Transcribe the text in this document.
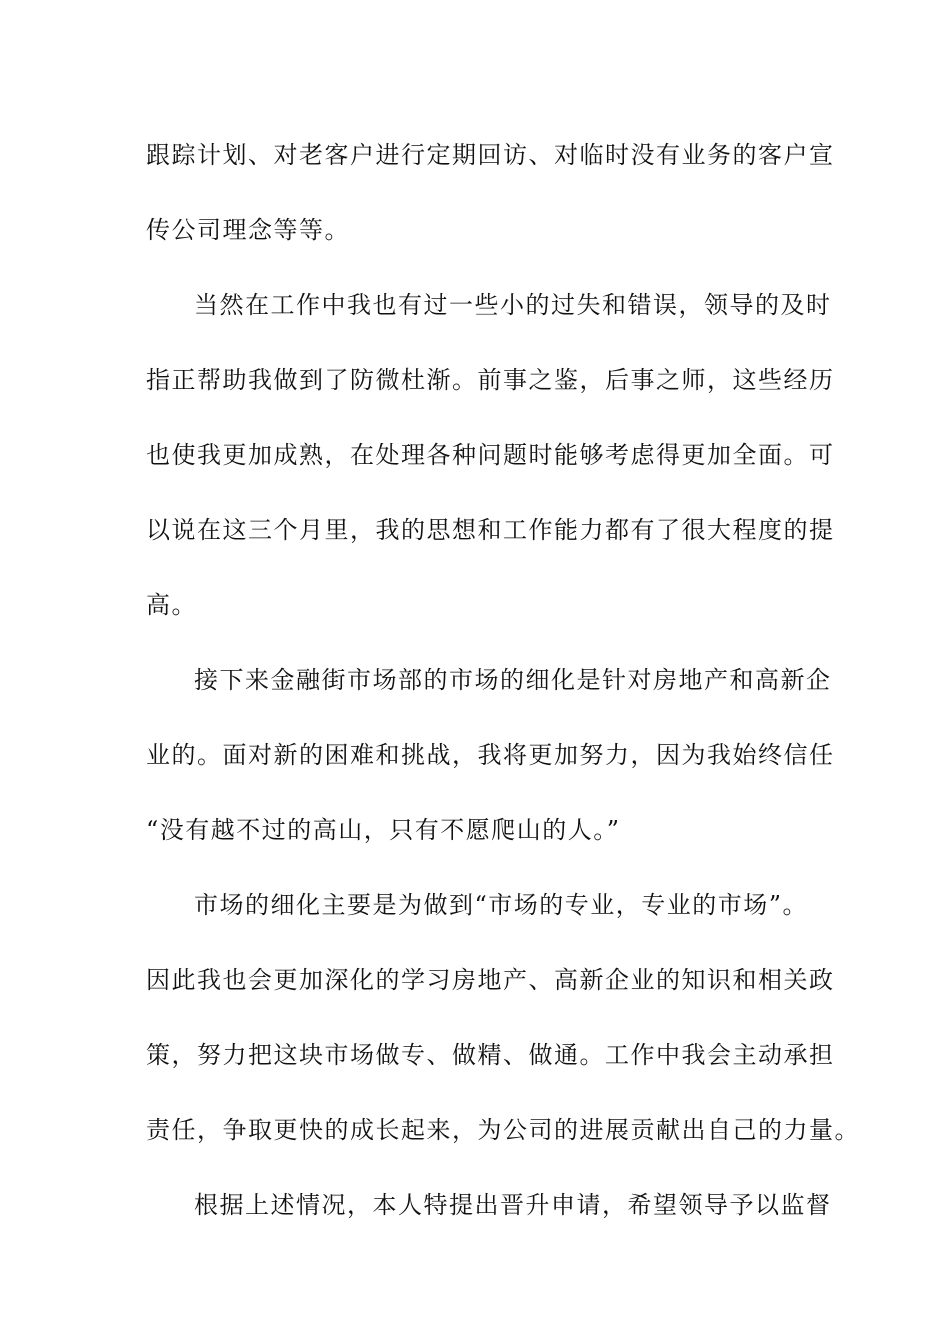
跟踪计划、对老客户进行定期回访、对临时没有业务的客户宣
传公司理念等等。
当然在工作中我也有过一些小的过失和错误，领导的及时
指正帮助我做到了防微杜渐。前事之鉴，后事之师，这些经历
也使我更加成熟，在处理各种问题时能够考虑得更加全面。可
以说在这三个月里，我的思想和工作能力都有了很大程度的提
高。
接下来金融街市场部的市场的细化是针对房地产和高新企
业的。面对新的困难和挑战，我将更加努力，因为我始终信任
“没有越不过的高山，只有不愿爬山的人。”
市场的细化主要是为做到“市场的专业，专业的市场”。
因此我也会更加深化的学习房地产、高新企业的知识和相关政
策，努力把这块市场做专、做精、做通。工作中我会主动承担
责任，争取更快的成长起来，为公司的进展贡献出自己的力量。
根据上述情况，本人特提出晋升申请，希望领导予以监督
